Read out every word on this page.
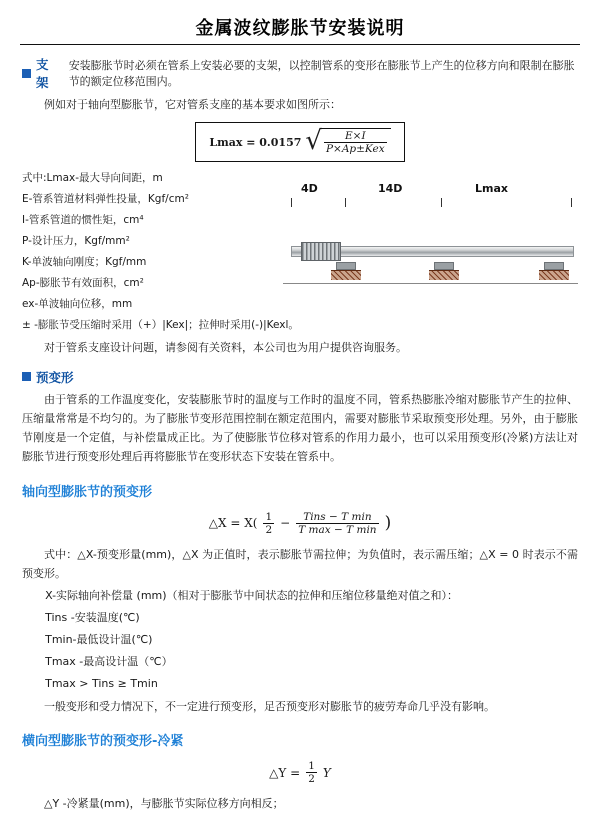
金属波纹膨胀节安装说明
支架
安装膨胀节时必须在管系上安装必要的支架，以控制管系的变形在膨胀节上产生的位移方向和限制在膨胀节的额定位移范围内。
例如对于轴向型膨胀节，它对管系支座的基本要求如图所示：
Lmax = 0.0157 √
$\frac{E\times I}{\text{P×Ap±Kex}}$
式中:Lmax-最大导向间距，m
E-管系管道材料弹性投量，Kgf/cm²
I-管系管道的惯性矩，cm⁴
P-设计压力，Kgf/mm²
K-单波轴向刚度；Kgf/mm
Ap-膨胀节有效面积，cm²
ex-单波轴向位移，mm
± -膨胀节受压缩时采用（+）|Kex|；拉伸时采用(-)|Kexl。
4D	14D	Lmax
对于管系支座设计问题，请参阅有关资料，本公司也为用户提供咨询服务。
预变形
由于管系的工作温度变化，安装膨胀节时的温度与工作时的温度不同，管系热膨胀冷缩对膨胀节产生的拉伸、压缩量常常是不均匀的。为了膨胀节变形范围控制在额定范围内，需要对膨胀节采取预变形处理。另外，由于膨胀节刚度是一个定值，与补偿量成正比。为了使膨胀节位移对管系的作用力最小，也可以采用预变形(冷紧)方法让对膨胀节进行预变形处理后再将膨胀节在变形状态下安装在管系中。
轴向型膨胀节的预变形
△X = $X( \frac{1}{2} - \frac{\text{Tins − T min}}{\text{T max − T min}}$ )
式中：△X-预变形量(mm)，△X 为正值时，表示膨胀节需拉伸；为负值时，表示需压缩；△X = 0 时表示不需预变形。
X-实际轴向补偿量 (mm)（相对于膨胀节中间状态的拉伸和压缩位移量绝对值之和）：
Tins -安装温度(℃)
Tmin-最低设计温(℃)
Tmax -最高设计温（℃）
Tmax > Tins ≥ Tmin
一般变形和受力情况下，不一定进行预变形，足否预变形对膨胀节的疲劳寿命几乎没有影响。
横向型膨胀节的预变形-冷紧
△Y = $\frac{1}{2}$ Y
△Y -冷紧量(mm)，与膨胀节实际位移方向相反；
